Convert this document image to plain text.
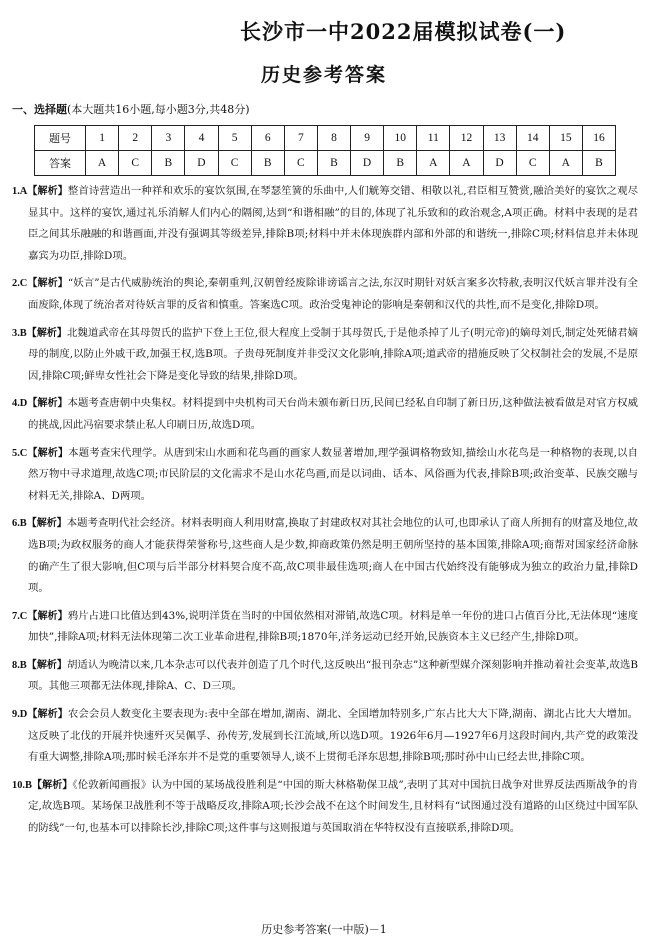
长沙市一中2022届模拟试卷(一)
历史参考答案
一、选择题(本大题共16小题,每小题3分,共48分)
题号	1	2	3	4	5	6	7	8	9	10	11	12	13	14	15	16
答案	A	C	B	D	C	B	C	B	D	B	A	A	D	C	A	B
1.A【解析】整首诗营造出一种祥和欢乐的宴饮氛围,在琴瑟笙簧的乐曲中,人们觥筹交错、相敬以礼,君臣相互赞赏,融洽美好的宴饮之观尽显其中。这样的宴饮,通过礼乐消解人们内心的隔阂,达到“和谐相融”的目的,体现了礼乐致和的政治观念,A项正确。材料中表现的是君臣之间其乐融融的和谐画面,并没有强调其等级差异,排除B项;材料中并未体现族群内部和外部的和谐统一,排除C项;材料信息并未体现嘉宾为功臣,排除D项。
2.C【解析】“妖言”是古代威胁统治的舆论,秦朝重判,汉朝曾经废除诽谤谣言之法,东汉时期针对妖言案多次特赦,表明汉代妖言罪并没有全面废除,体现了统治者对待妖言罪的反省和慎重。答案选C项。政治受鬼神论的影响是秦朝和汉代的共性,而不是变化,排除D项。
3.B【解析】北魏道武帝在其母贺氏的监护下登上王位,很大程度上受制于其母贺氏,于是他杀掉了儿子(明元帝)的嫡母刘氏,制定处死储君嫡母的制度,以防止外戚干政,加强王权,选B项。子贵母死制度并非受汉文化影响,排除A项;道武帝的措施反映了父权制社会的发展,不是原因,排除C项;鲜卑女性社会下降是变化导致的结果,排除D项。
4.D【解析】本题考查唐朝中央集权。材料提到中央机构司天台尚未颁布新日历,民间已经私自印制了新日历,这种做法被看做是对官方权威的挑战,因此冯宿要求禁止私人印刷日历,故选D项。
5.C【解析】本题考查宋代理学。从唐到宋山水画和花鸟画的画家人数显著增加,理学强调格物致知,描绘山水花鸟是一种格物的表现,以自然万物中寻求道理,故选C项;市民阶层的文化需求不是山水花鸟画,而是以词曲、话本、风俗画为代表,排除B项;政治变革、民族交融与材料无关,排除A、D两项。
6.B【解析】本题考查明代社会经济。材料表明商人利用财富,换取了封建政权对其社会地位的认可,也即承认了商人所拥有的财富及地位,故选B项;为政权服务的商人才能获得荣誉称号,这些商人是少数,抑商政策仍然是明王朝所坚持的基本国策,排除A项;商帮对国家经济命脉的确产生了很大影响,但C项与后半部分材料契合度不高,故C项非最佳选项;商人在中国古代始终没有能够成为独立的政治力量,排除D项。
7.C【解析】鸦片占进口比值达到43%,说明洋货在当时的中国依然相对滞销,故选C项。材料是单一年份的进口占值百分比,无法体现“速度加快”,排除A项;材料无法体现第二次工业革命进程,排除B项;1870年,洋务运动已经开始,民族资本主义已经产生,排除D项。
8.B【解析】胡适认为晚清以来,几本杂志可以代表并创造了几个时代,这反映出“报刊杂志”这种新型媒介深刻影响并推动着社会变革,故选B项。其他三项都无法体现,排除A、C、D三项。
9.D【解析】农会会员人数变化主要表现为:表中全部在增加,湖南、湖北、全国增加特别多,广东占比大大下降,湖南、湖北占比大大增加。这反映了北伐的开展并快速歼灭吴佩孚、孙传芳,发展到长江流域,所以选D项。1926年6月—1927年6月这段时间内,共产党的政策没有重大调整,排除A项;那时候毛泽东并不是党的重要领导人,谈不上贯彻毛泽东思想,排除B项;那时孙中山已经去世,排除C项。
10.B【解析】《伦敦新闻画报》认为中国的某场战役胜利是“中国的斯大林格勒保卫战”,表明了其对中国抗日战争对世界反法西斯战争的肯定,故选B项。某场保卫战胜利不等于战略反攻,排除A项;长沙会战不在这个时间发生,且材料有“试图通过没有道路的山区绕过中国军队的防线”一句,也基本可以排除长沙,排除C项;这件事与这则报道与英国取消在华特权没有直接联系,排除D项。
历史参考答案(一中版)－1
